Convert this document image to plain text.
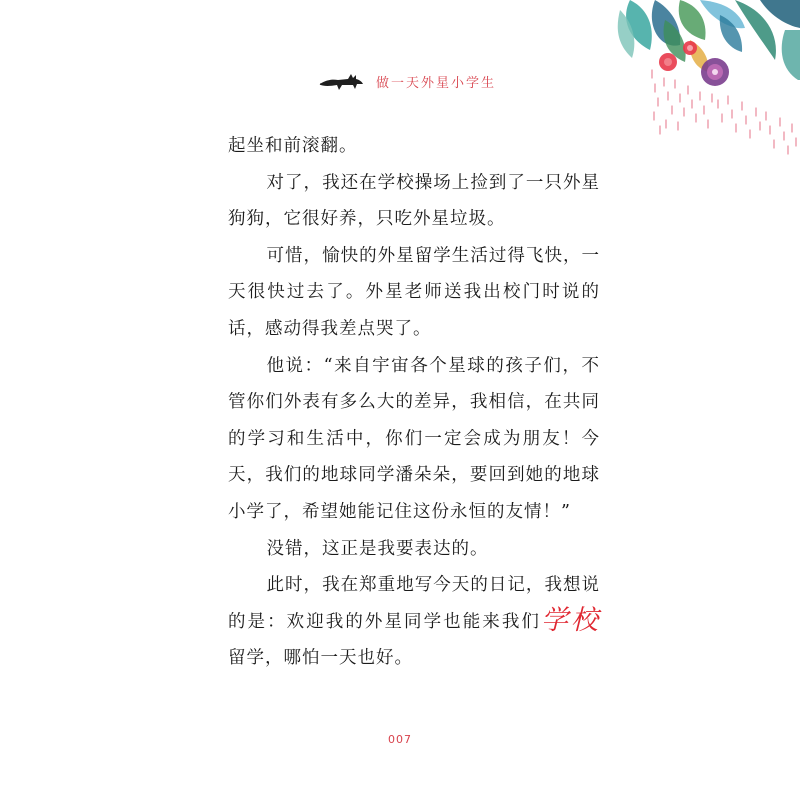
做一天外星小学生

起坐和前滚翻。

对了，我还在学校操场上捡到了一只外星狗狗，它很好养，只吃外星垃圾。

可惜，愉快的外星留学生活过得飞快，一天很快过去了。外星老师送我出校门时说的话，感动得我差点哭了。

他说：“来自宇宙各个星球的孩子们，不管你们外表有多么大的差异，我相信，在共同的学习和生活中，你们一定会成为朋友！今天，我们的地球同学潘朵朵，要回到她的地球小学了，希望她能记住这份永恒的友情！”

没错，这正是我要表达的。

此时，我在郑重地写今天的日记，我想说的是：欢迎我的外星同学也能来我们学校留学，哪怕一天也好。

007
